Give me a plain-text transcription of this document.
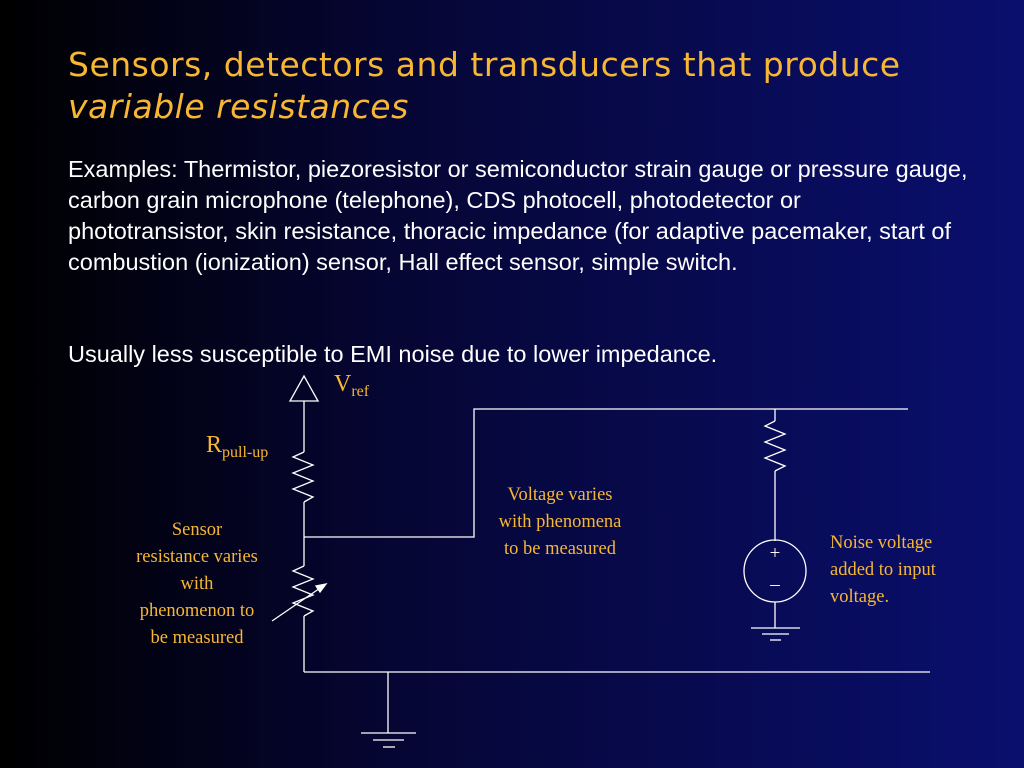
Sensors, detectors and transducers that produce
variable resistances

Examples: Thermistor, piezoresistor or semiconductor strain gauge or pressure gauge, carbon grain microphone (telephone), CDS photocell, photodetector or phototransistor, skin resistance, thoracic impedance (for adaptive pacemaker, start of combustion (ionization) sensor, Hall effect sensor, simple switch.

Usually less susceptible to EMI noise due to lower impedance.

$V_{ref}$
$R_{pull-up}$
Sensor resistance varies with phenomenon to be measured
Voltage varies with phenomena to be measured	Noise voltage added to input voltage.
+
–
